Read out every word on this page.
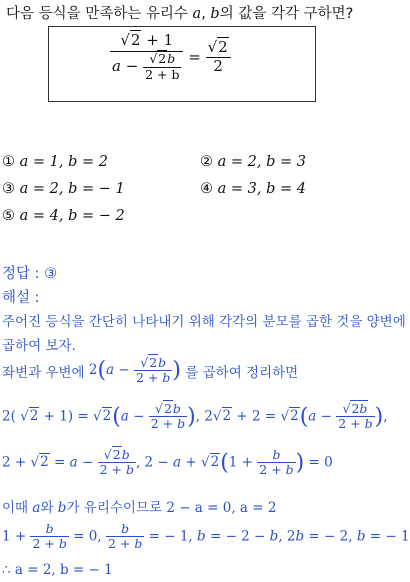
다음 등식을 만족하는 유리수 a, b의 값을 각각 구하면?
$\frac{√2 + 1}{a - \frac{√2b}{2 + b}} = \frac{√2}{2}$
① a = 1, b = 2	② a = 2, b = 3
③ a = 2, b = − 1	④ a = 3, b = 4
⑤ a = 4, b = − 2
정답 : ③
해설 :
주어진 등식을 간단히 나타내기 위해 각각의 분모를 곱한 것을 양변에
곱하여 보자.
좌변과 우변에 $2(a - \frac{√2b}{2 + b}$ ) 를 곱하여 정리하면
2( $√2 + 1) = √2(a - \frac{√2b}{2 + b}$ ), $2√2 + 2 = √2(a - \frac{√2b}{2 + b}$ ),
$2 + √2 = a - \frac{√2b}{2 + b}$ , $2 - a + √2(1 + \frac{b}{2 + b}$ ) = 0
이때 a와 b가 유리수이므로 2 − a = 0, a = 2
$1 + \frac{b}{2 + b} = 0$, $\frac{b}{2 + b}$ = − 1, b = − 2 − b, 2b = − 2, b = − 1
∴ a = 2, b = − 1
